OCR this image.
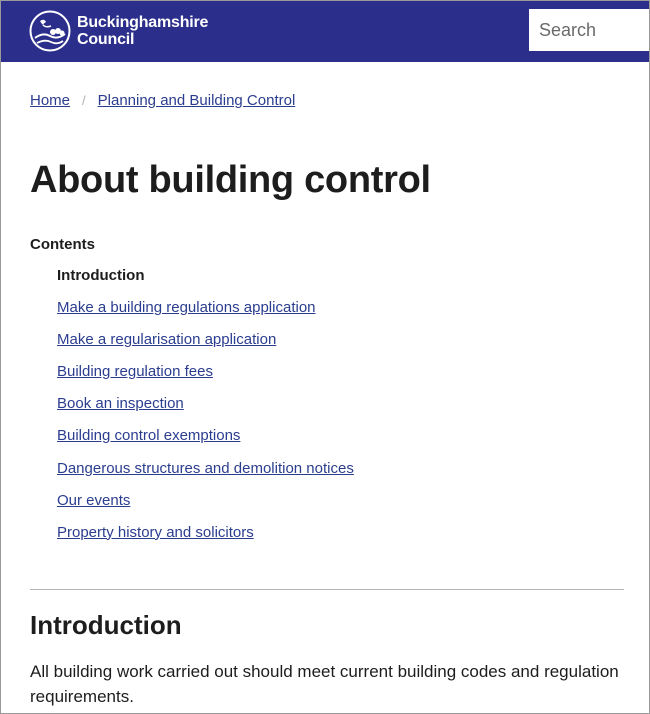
Buckinghamshire
Council
Search
Home / Planning and Building Control
About building control
Contents
Introduction
Make a building regulations application
Make a regularisation application
Building regulation fees
Book an inspection
Building control exemptions
Dangerous structures and demolition notices
Our events
Property history and solicitors
Introduction

All building work carried out should meet current building codes and regulation requirements.
